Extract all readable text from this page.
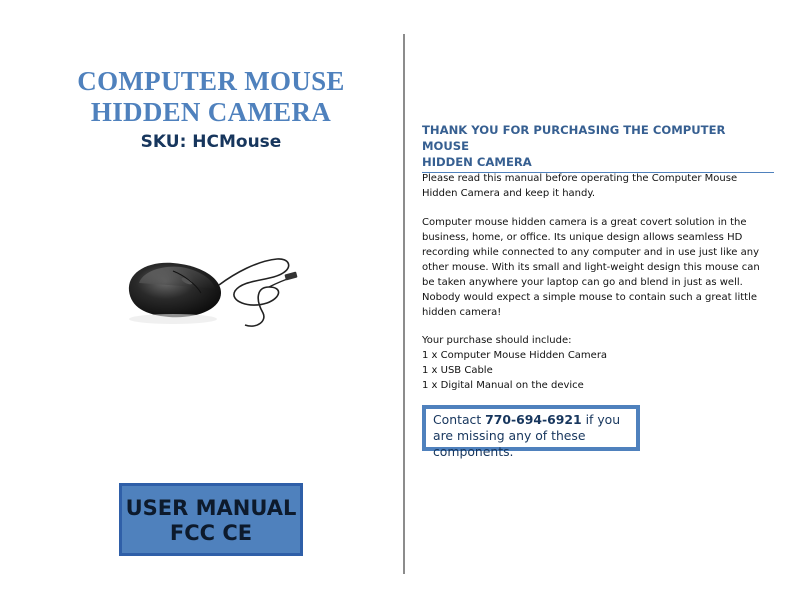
COMPUTER MOUSE
HIDDEN CAMERA
SKU: HCMouse
USER MANUAL
FCC CE
THANK YOU FOR PURCHASING THE COMPUTER MOUSE
HIDDEN CAMERA

Please read this manual before operating the Computer Mouse Hidden Camera and keep it handy.

Computer mouse hidden camera is a great covert solution in the business, home, or office. Its unique design allows seamless HD recording while connected to any computer and in use just like any other mouse. With its small and light-weight design this mouse can be taken anywhere your laptop can go and blend in just as well. Nobody would expect a simple mouse to contain such a great little hidden camera!

Your purchase should include:
1 x Computer Mouse Hidden Camera
1 x USB Cable
1 x Digital Manual on the device
Contact 770-694-6921 if you are missing any of these components.
